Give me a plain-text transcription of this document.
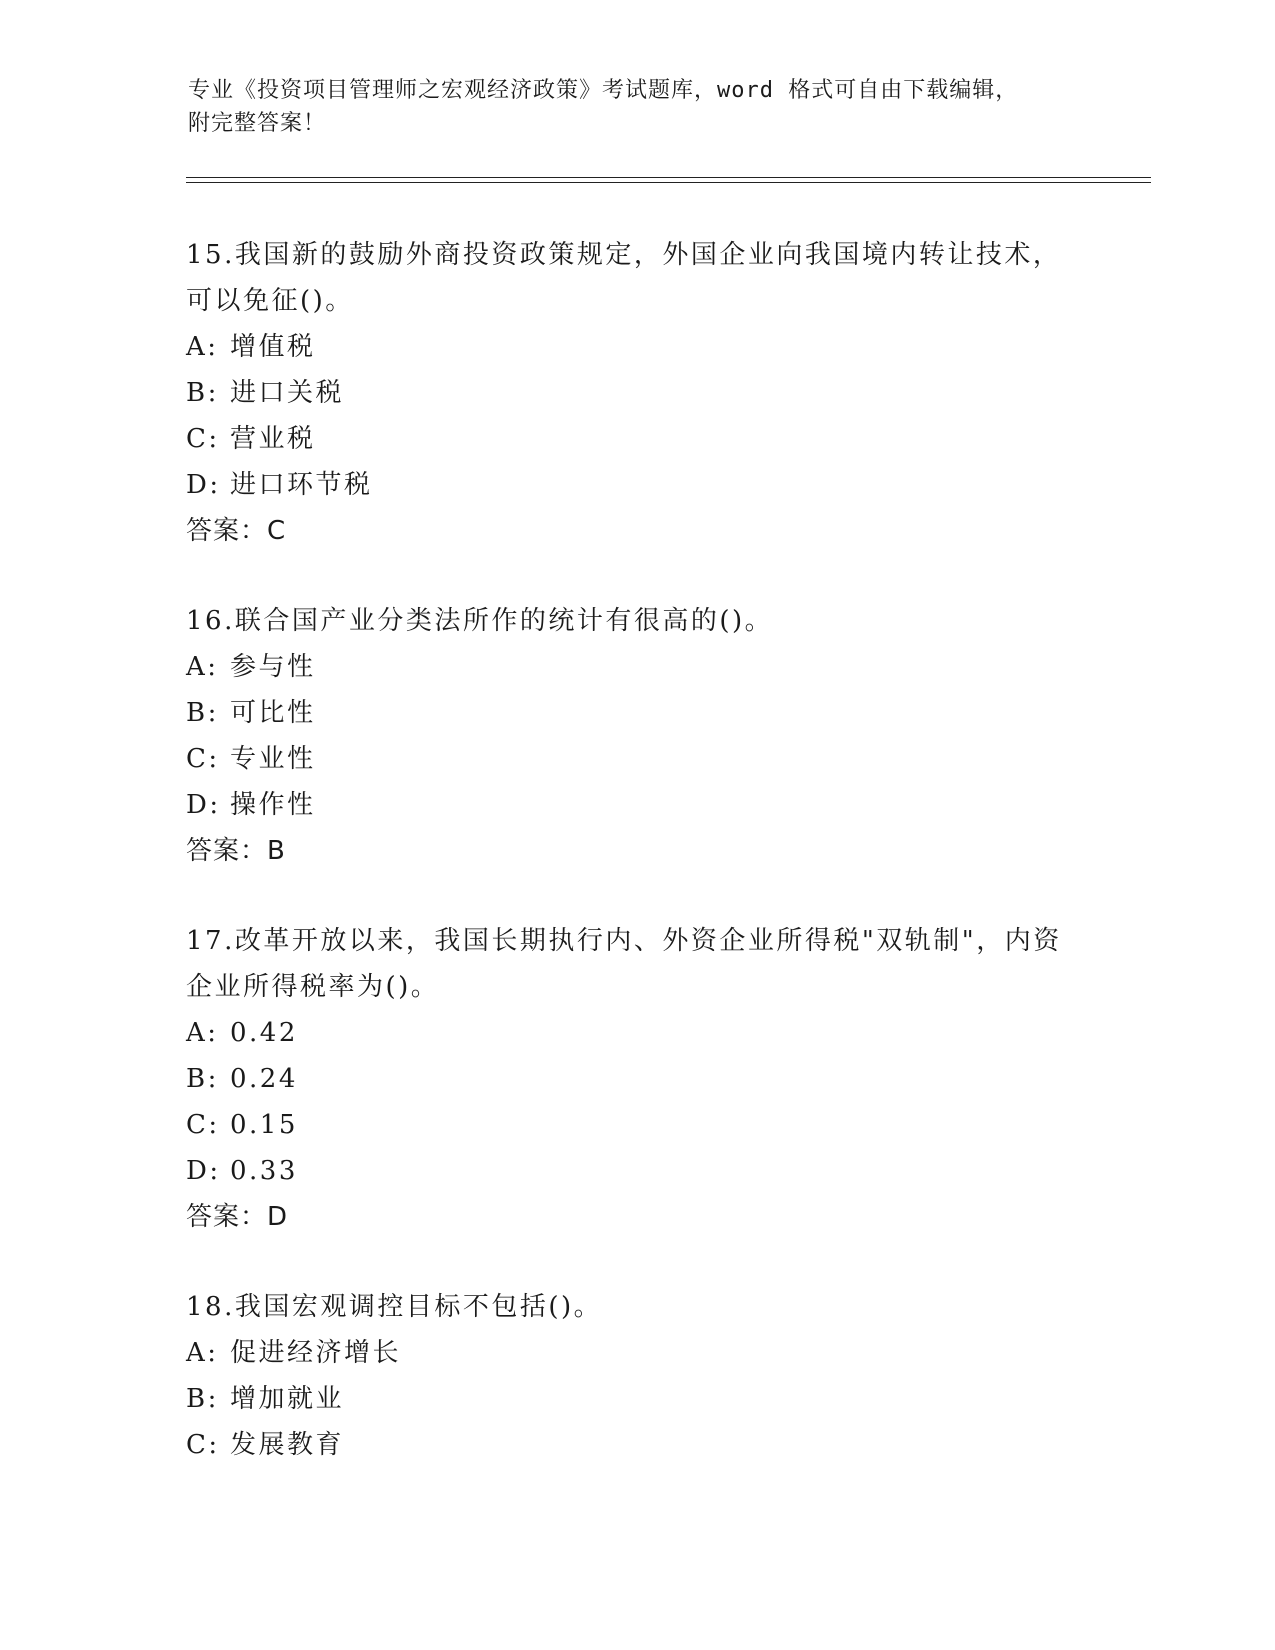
专业《投资项目管理师之宏观经济政策》考试题库，word 格式可自由下载编辑，
附完整答案！
15.我国新的鼓励外商投资政策规定，外国企业向我国境内转让技术，
可以免征()。
A: 增值税
B: 进口关税
C: 营业税
D: 进口环节税
答案：C
16.联合国产业分类法所作的统计有很高的()。
A: 参与性
B: 可比性
C: 专业性
D: 操作性
答案：B
17.改革开放以来，我国长期执行内、外资企业所得税"双轨制"，内资
企业所得税率为()。
A: 0.42
B: 0.24
C: 0.15
D: 0.33
答案：D
18.我国宏观调控目标不包括()。
A: 促进经济增长
B: 增加就业
C: 发展教育
